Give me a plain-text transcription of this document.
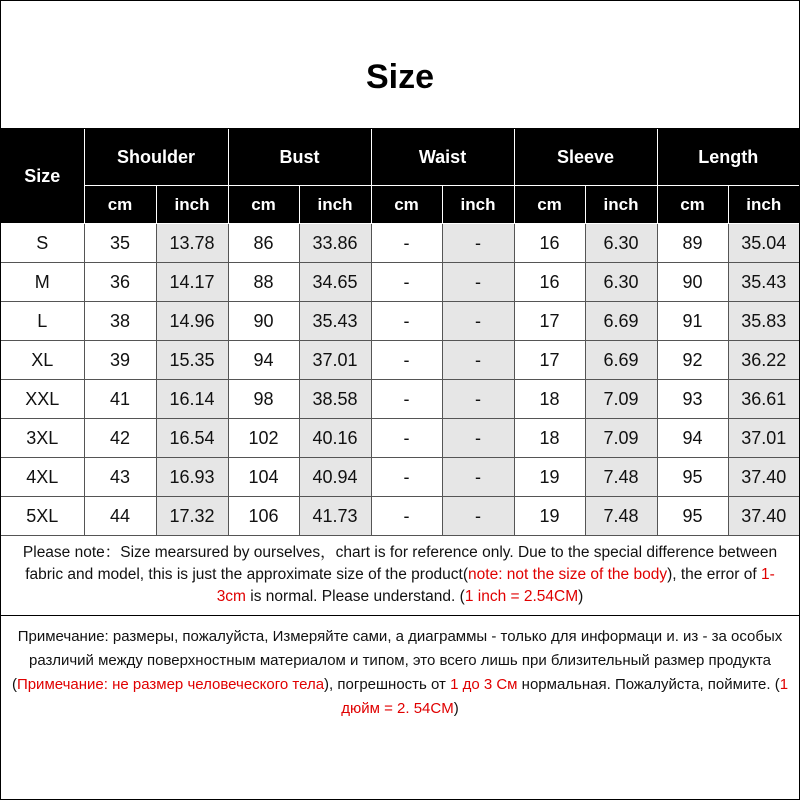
Size
Size	Shoulder		Bust		Waist		Sleeve		Length	
	cm	inch	cm	inch	cm	inch	cm	inch	cm	inch
S	35	13.78	86	33.86	-	-	16	6.30	89	35.04
M	36	14.17	88	34.65	-	-	16	6.30	90	35.43
L	38	14.96	90	35.43	-	-	17	6.69	91	35.83
XL	39	15.35	94	37.01	-	-	17	6.69	92	36.22
XXL	41	16.14	98	38.58	-	-	18	7.09	93	36.61
3XL	42	16.54	102	40.16	-	-	18	7.09	94	37.01
4XL	43	16.93	104	40.94	-	-	19	7.48	95	37.40
5XL	44	17.32	106	41.73	-	-	19	7.48	95	37.40
Please note：Size mearsured by ourselves，chart is for reference only. Due to the special difference between fabric and model, this is just the approximate size of the product(note: not the size of the body), the error of 1-3cm is normal. Please understand. (1 inch = 2.54CM)
Примечание: размеры, пожалуйста, Измеряйте сами, а диаграммы - только для информаци и. из - за особых различий между поверхностным материалом и типом, это всего лишь при близительный размер продукта (Примечание: не размер человеческого тела), погрешность от 1 до 3 См нормальная. Пожалуйста, поймите. (1 дюйм = 2. 54CM)
